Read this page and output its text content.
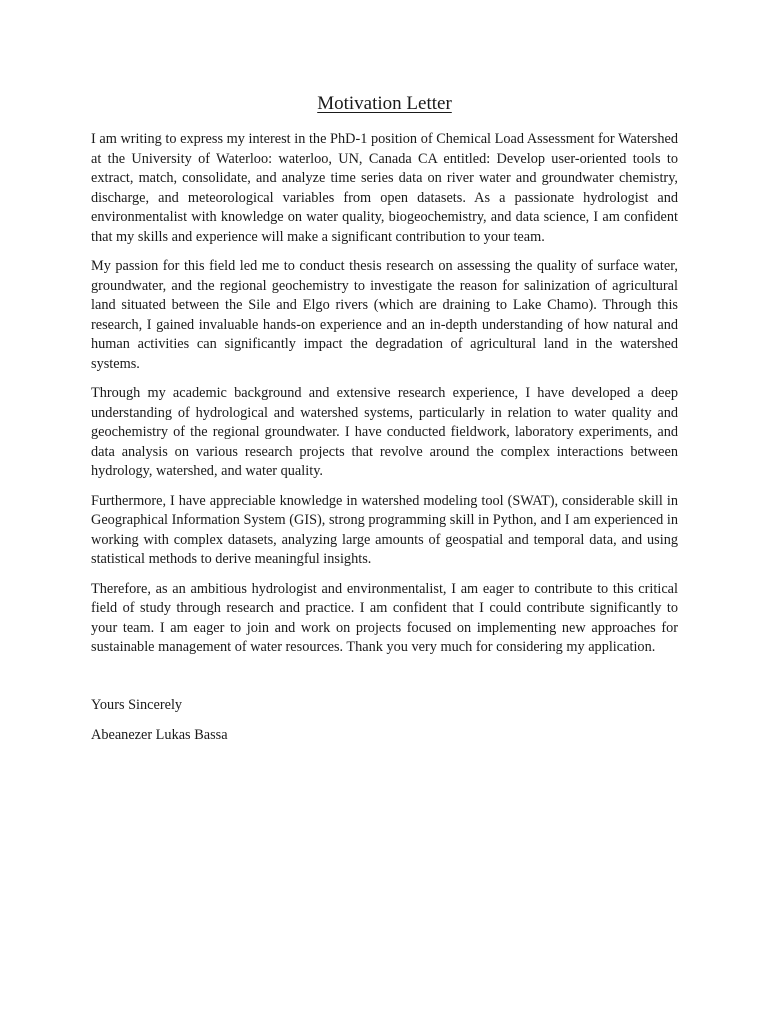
Motivation Letter

I am writing to express my interest in the PhD-1 position of Chemical Load Assessment for Watershed at the University of Waterloo: waterloo, UN, Canada CA entitled: Develop user-oriented tools to extract, match, consolidate, and analyze time series data on river water and groundwater chemistry, discharge, and meteorological variables from open datasets. As a passionate hydrologist and environmentalist with knowledge on water quality, biogeochemistry, and data science, I am confident that my skills and experience will make a significant contribution to your team.

My passion for this field led me to conduct thesis research on assessing the quality of surface water, groundwater, and the regional geochemistry to investigate the reason for salinization of agricultural land situated between the Sile and Elgo rivers (which are draining to Lake Chamo). Through this research, I gained invaluable hands-on experience and an in-depth understanding of how natural and human activities can significantly impact the degradation of agricultural land in the watershed systems.

Through my academic background and extensive research experience, I have developed a deep understanding of hydrological and watershed systems, particularly in relation to water quality and geochemistry of the regional groundwater. I have conducted fieldwork, laboratory experiments, and data analysis on various research projects that revolve around the complex interactions between hydrology, watershed, and water quality.

Furthermore, I have appreciable knowledge in watershed modeling tool (SWAT), considerable skill in Geographical Information System (GIS), strong programming skill in Python, and I am experienced in working with complex datasets, analyzing large amounts of geospatial and temporal data, and using statistical methods to derive meaningful insights.

Therefore, as an ambitious hydrologist and environmentalist, I am eager to contribute to this critical field of study through research and practice. I am confident that I could contribute significantly to your team. I am eager to join and work on projects focused on implementing new approaches for sustainable management of water resources. Thank you very much for considering my application.

Yours Sincerely

Abeanezer Lukas Bassa
